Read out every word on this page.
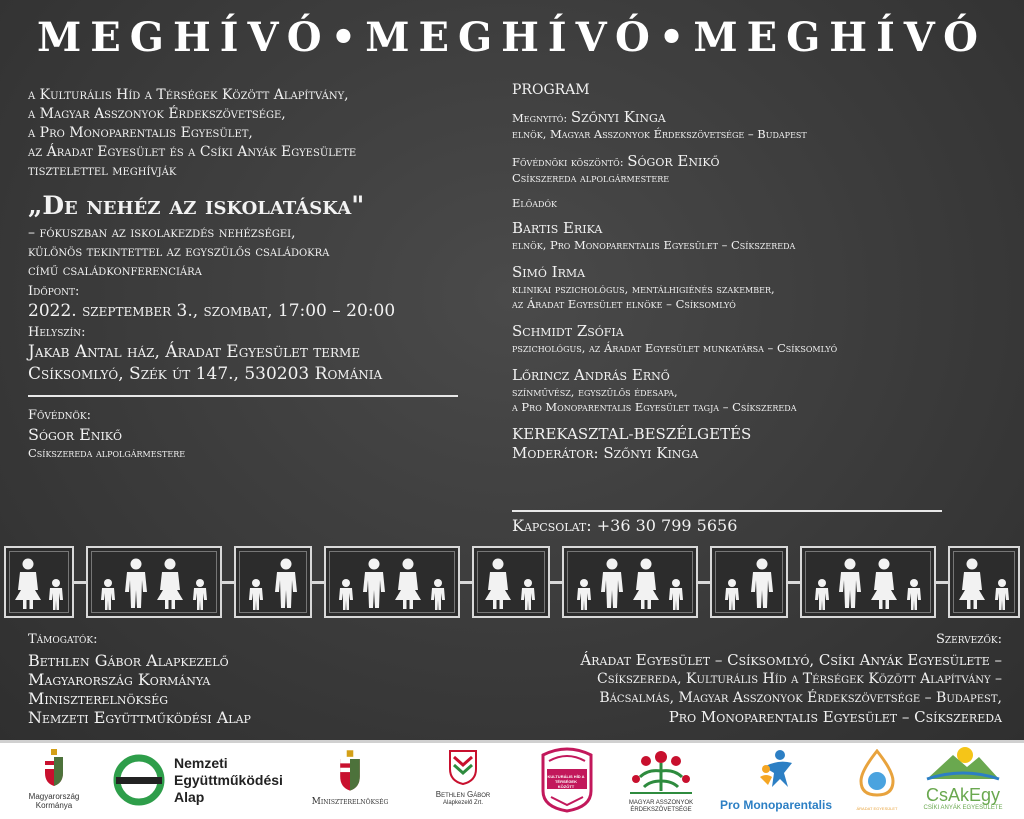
MEGHÍVÓ•MEGHÍVÓ•MEGHÍVÓ
a Kulturális Híd a Térségek Között Alapítvány,
a Magyar Asszonyok Érdekszövetsége,
a Pro Monoparentalis Egyesület,
az Áradat Egyesület és a Csíki Anyák Egyesülete
tisztelettel meghívják
„De nehéz az iskolatáska"
– fókuszban az iskolakezdés nehézségei,
különös tekintettel az egyszülős családokra
című családkonferenciára
Időpont:
2022. szeptember 3., szombat, 17:00 – 20:00
Helyszín:
Jakab Antal ház, Áradat Egyesület terme
Csíksomlyó, Szék út 147., 530203 Románia
Fővédnök:
Sógor Enikő
Csíkszereda alpolgármestere
PROGRAM
Megnyitó: Szőnyi Kinga
elnök, Magyar Asszonyok Érdekszövetsége – Budapest
Fővédnöki köszöntő: Sógor Enikő
Csíkszereda alpolgármestere
Előadók
Bartis Erika
elnök, Pro Monoparentalis Egyesület – Csíkszereda
Simó Irma
klinikai pszichológus, mentálhigiénés szakember,
az Áradat Egyesület elnöke – Csíksomlyó
Schmidt Zsófia
pszichológus, az Áradat Egyesület munkatársa – Csíksomlyó
Lőrincz András Ernő
színművész, egyszülős édesapa,
a Pro Monoparentalis Egyesület tagja – Csíkszereda
KEREKASZTAL-BESZÉLGETÉS
Moderátor: Szőnyi Kinga
Kapcsolat: +36 30 799 5656
Támogatók:
Bethlen Gábor Alapkezelő
Magyarország Kormánya
Miniszterelnökség
Nemzeti Együttműködési Alap
Szervezők:
Áradat Egyesület – Csíksomlyó, Csíki Anyák Egyesülete –
Csíkszereda, Kulturális Híd a Térségek Között Alapítvány –
Bácsalmás, Magyar Asszonyok Érdekszövetsége – Budapest,
Pro Monoparentalis Egyesület – Csíkszereda
Magyarország
Kormánya
Nemzeti
Együttműködési
Alap	Miniszterelnökség
Bethlen Gábor
Alapkezelő Zrt.
KULTURÁLIS HÍD A TÉRSÉGEK KÖZÖTT ALAPÍTVÁNY
MAGYAR ASSZONYOK ÉRDEKSZÖVETSÉGE	Pro Monoparentalis	ÁRADAT EGYESÜLET
CsAkEgy
CSÍKI ANYÁK EGYESÜLETE
